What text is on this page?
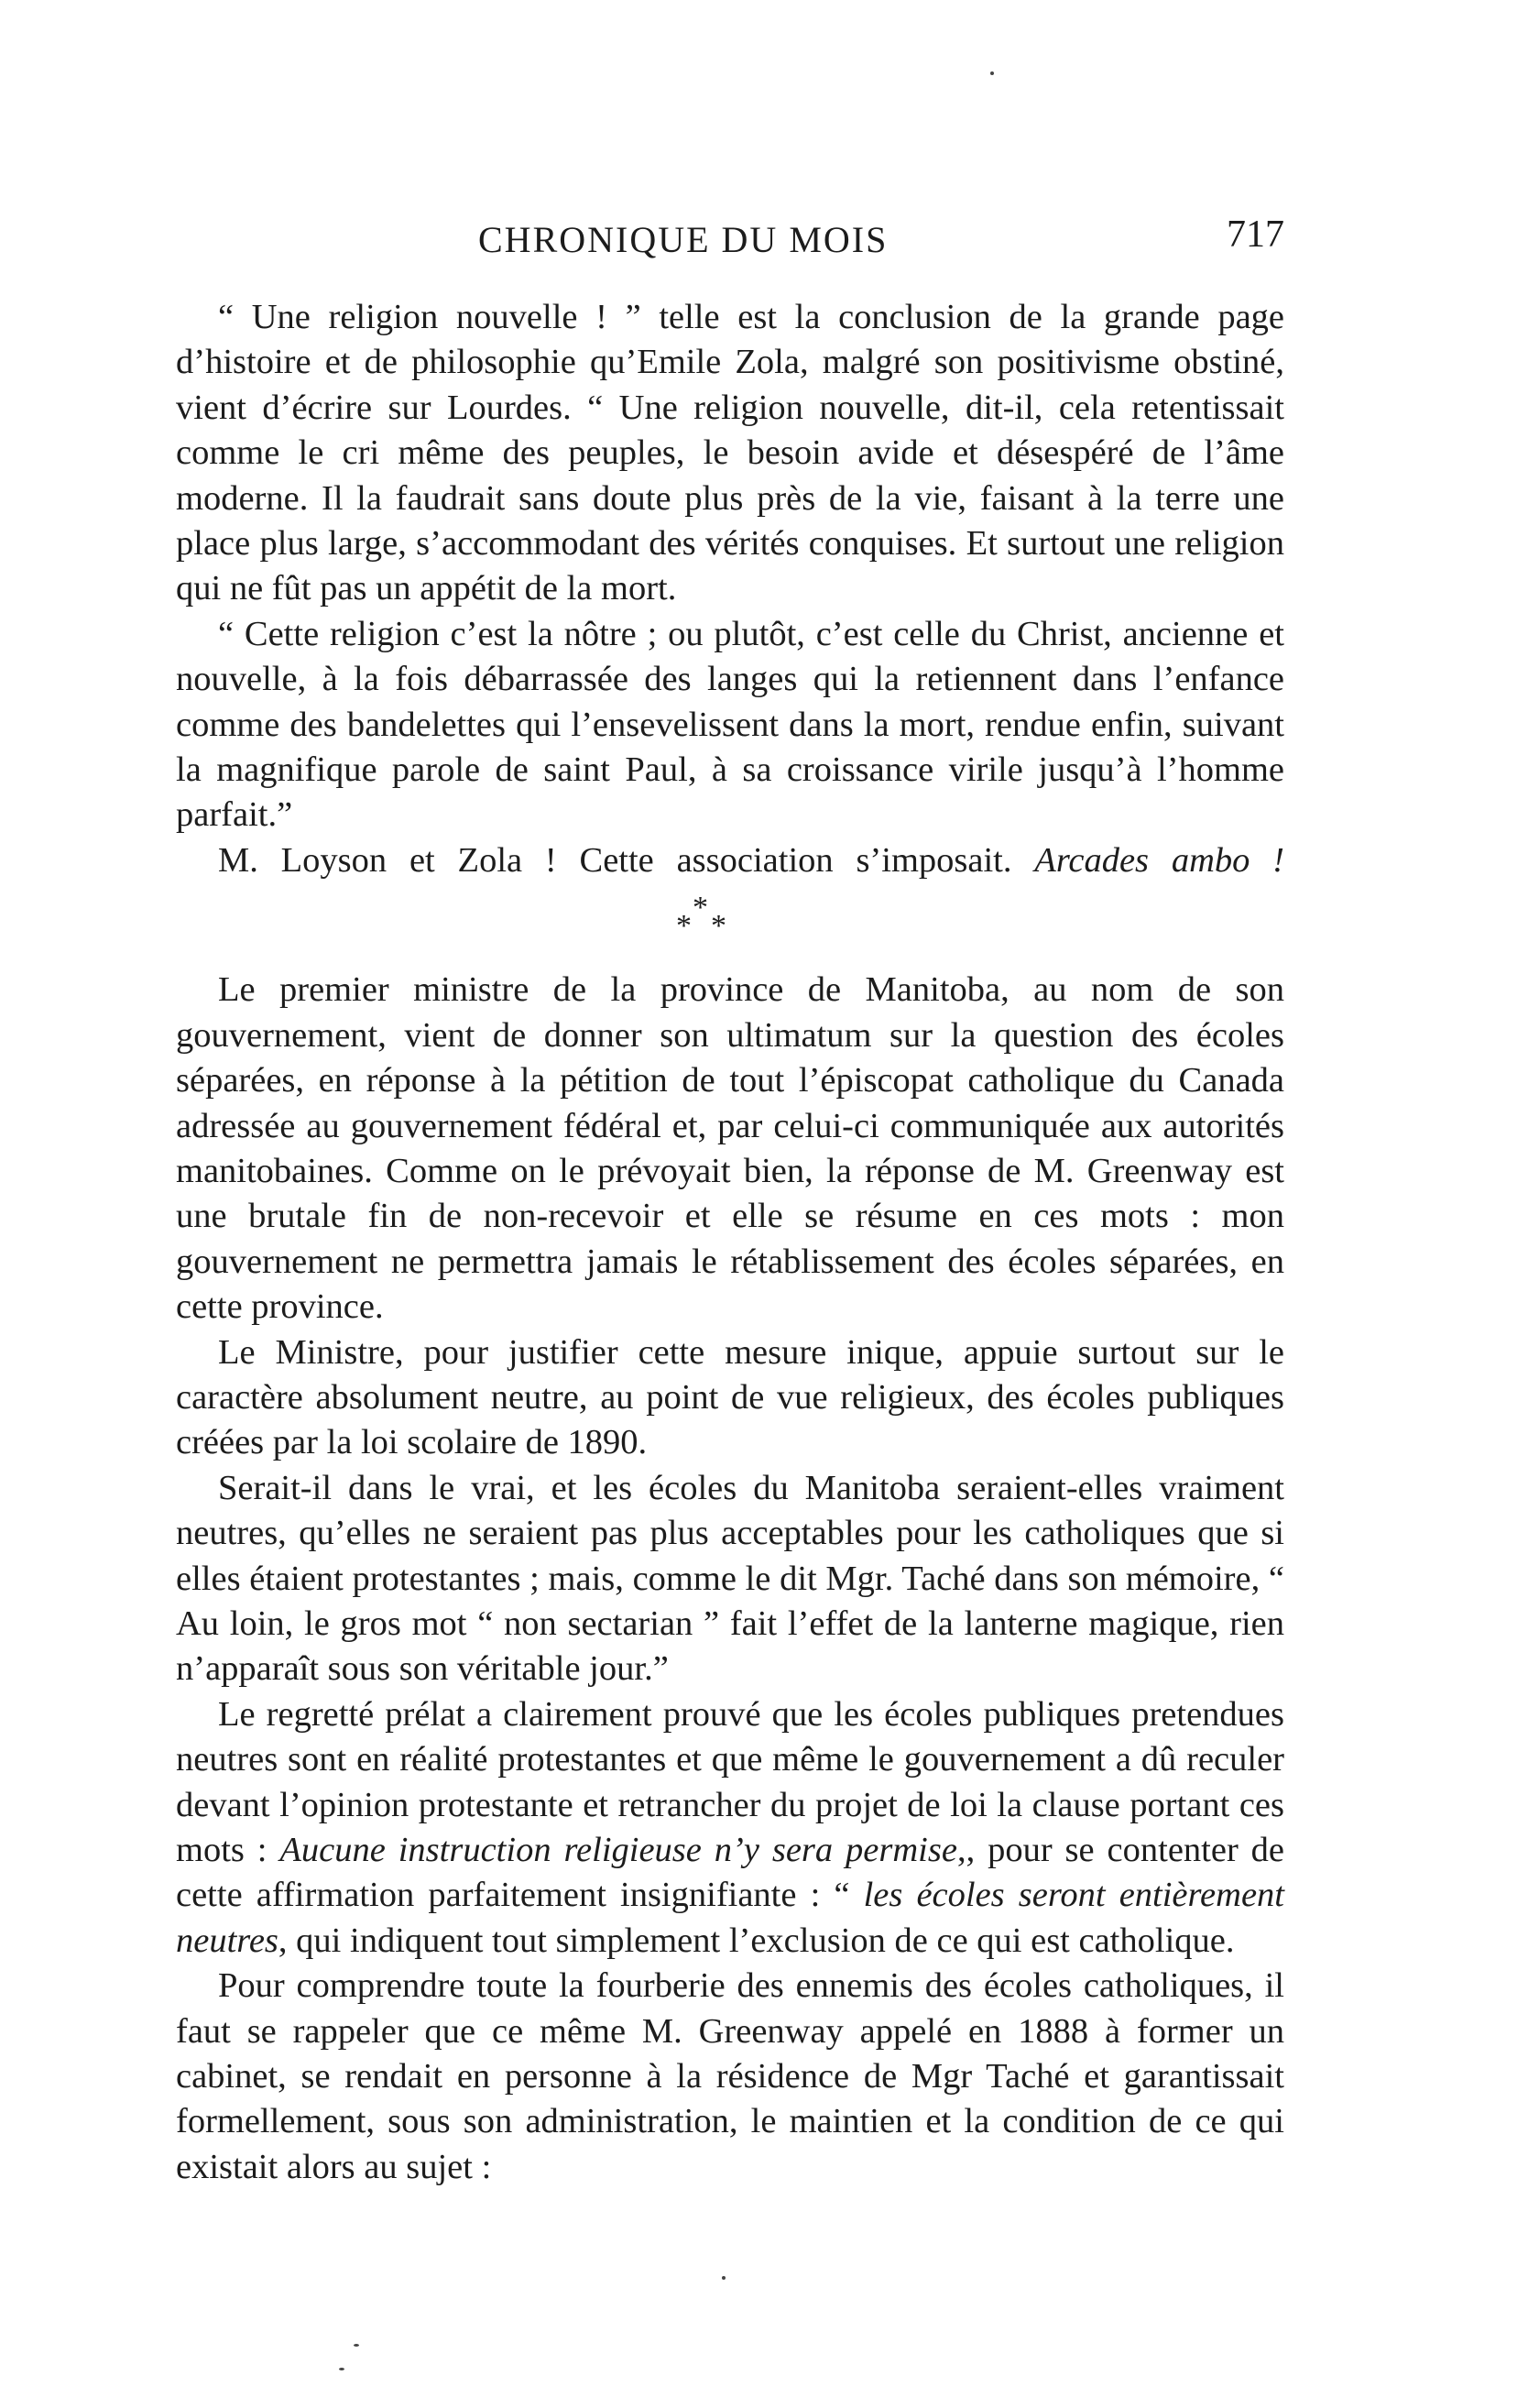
CHRONIQUE DU MOIS	717

“ Une religion nouvelle ! ” telle est la conclusion de la grande page d’histoire et de philosophie qu’Emile Zola, malgré son positivisme obstiné, vient d’écrire sur Lourdes. “ Une religion nouvelle, dit-il, cela retentissait comme le cri même des peuples, le besoin avide et désespéré de l’âme moderne. Il la faudrait sans doute plus près de la vie, faisant à la terre une place plus large, s’accommodant des vérités conquises. Et surtout une religion qui ne fût pas un appétit de la mort.

“ Cette religion c’est la nôtre ; ou plutôt, c’est celle du Christ, ancienne et nouvelle, à la fois débarrassée des langes qui la retiennent dans l’enfance comme des bandelettes qui l’ensevelissent dans la mort, rendue enfin, suivant la magnifique parole de saint Paul, à sa croissance virile jusqu’à l’homme parfait.”

M. Loyson et Zola ! Cette association s’imposait. Arcades ambo !

*
* *

Le premier ministre de la province de Manitoba, au nom de son gouvernement, vient de donner son ultimatum sur la question des écoles séparées, en réponse à la pétition de tout l’épiscopat catholique du Canada adressée au gouvernement fédéral et, par celui-ci communiquée aux autorités manitobaines. Comme on le prévoyait bien, la réponse de M. Greenway est une brutale fin de non-recevoir et elle se résume en ces mots : mon gouvernement ne permettra jamais le rétablissement des écoles séparées, en cette province.

Le Ministre, pour justifier cette mesure inique, appuie surtout sur le caractère absolument neutre, au point de vue religieux, des écoles publiques créées par la loi scolaire de 1890.

Serait-il dans le vrai, et les écoles du Manitoba seraient-elles vraiment neutres, qu’elles ne seraient pas plus acceptables pour les catholiques que si elles étaient protestantes ; mais, comme le dit Mgr. Taché dans son mémoire, “ Au loin, le gros mot “ non sectarian ” fait l’effet de la lanterne magique, rien n’apparaît sous son véritable jour.”

Le regretté prélat a clairement prouvé que les écoles publiques pretendues neutres sont en réalité protestantes et que même le gouvernement a dû reculer devant l’opinion protestante et retrancher du projet de loi la clause portant ces mots : Aucune instruction religieuse n’y sera permise,, pour se contenter de cette affirmation parfaitement insignifiante : “ les écoles seront entièrement neutres, qui indiquent tout simplement l’exclusion de ce qui est catholique.

Pour comprendre toute la fourberie des ennemis des écoles catholiques, il faut se rappeler que ce même M. Greenway appelé en 1888 à former un cabinet, se rendait en personne à la résidence de Mgr Taché et garantissait formellement, sous son administration, le maintien et la condition de ce qui existait alors au sujet :
